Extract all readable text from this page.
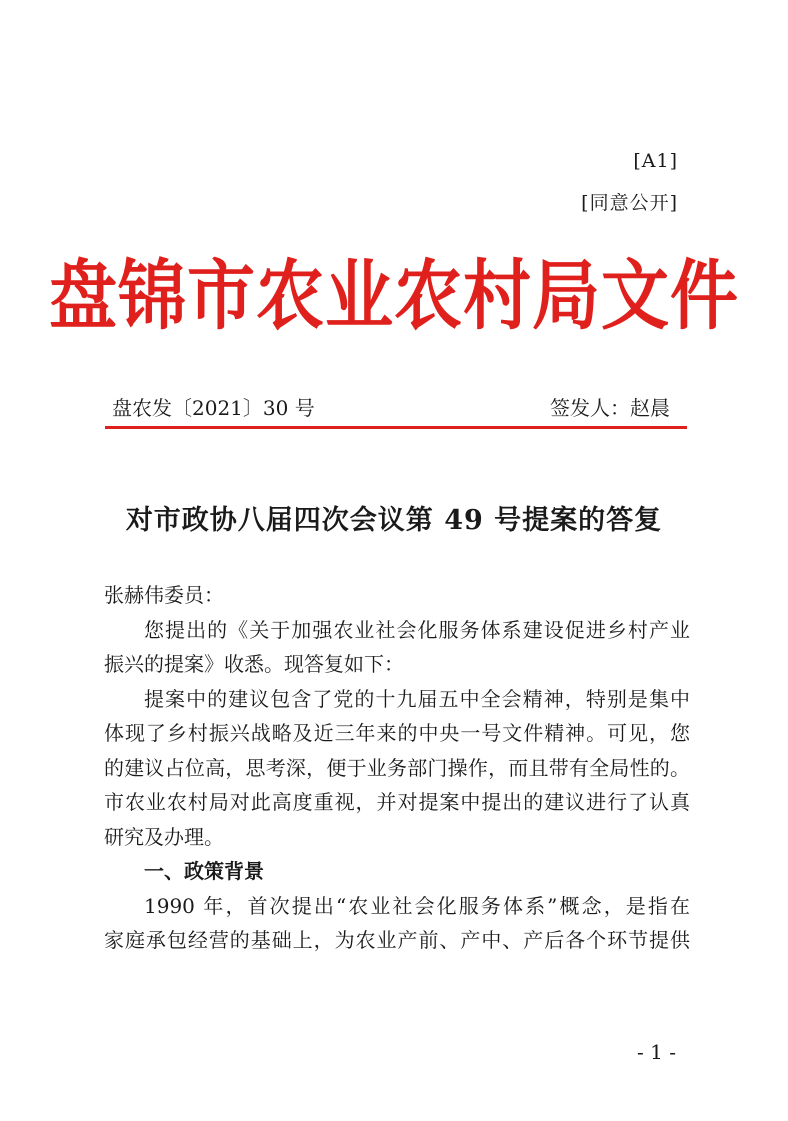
[A1]
[同意公开]
盘锦市农业农村局文件
盘农发〔2021〕30 号	签发人：赵晨
对市政协八届四次会议第 49 号提案的答复
张赫伟委员：
您提出的《关于加强农业社会化服务体系建设促进乡村产业
振兴的提案》收悉。现答复如下：
提案中的建议包含了党的十九届五中全会精神，特别是集中
体现了乡村振兴战略及近三年来的中央一号文件精神。可见，您
的建议占位高，思考深，便于业务部门操作，而且带有全局性的。
市农业农村局对此高度重视，并对提案中提出的建议进行了认真
研究及办理。
一、政策背景
1990 年，首次提出“农业社会化服务体系”概念，是指在
家庭承包经营的基础上，为农业产前、产中、产后各个环节提供
- 1 -
